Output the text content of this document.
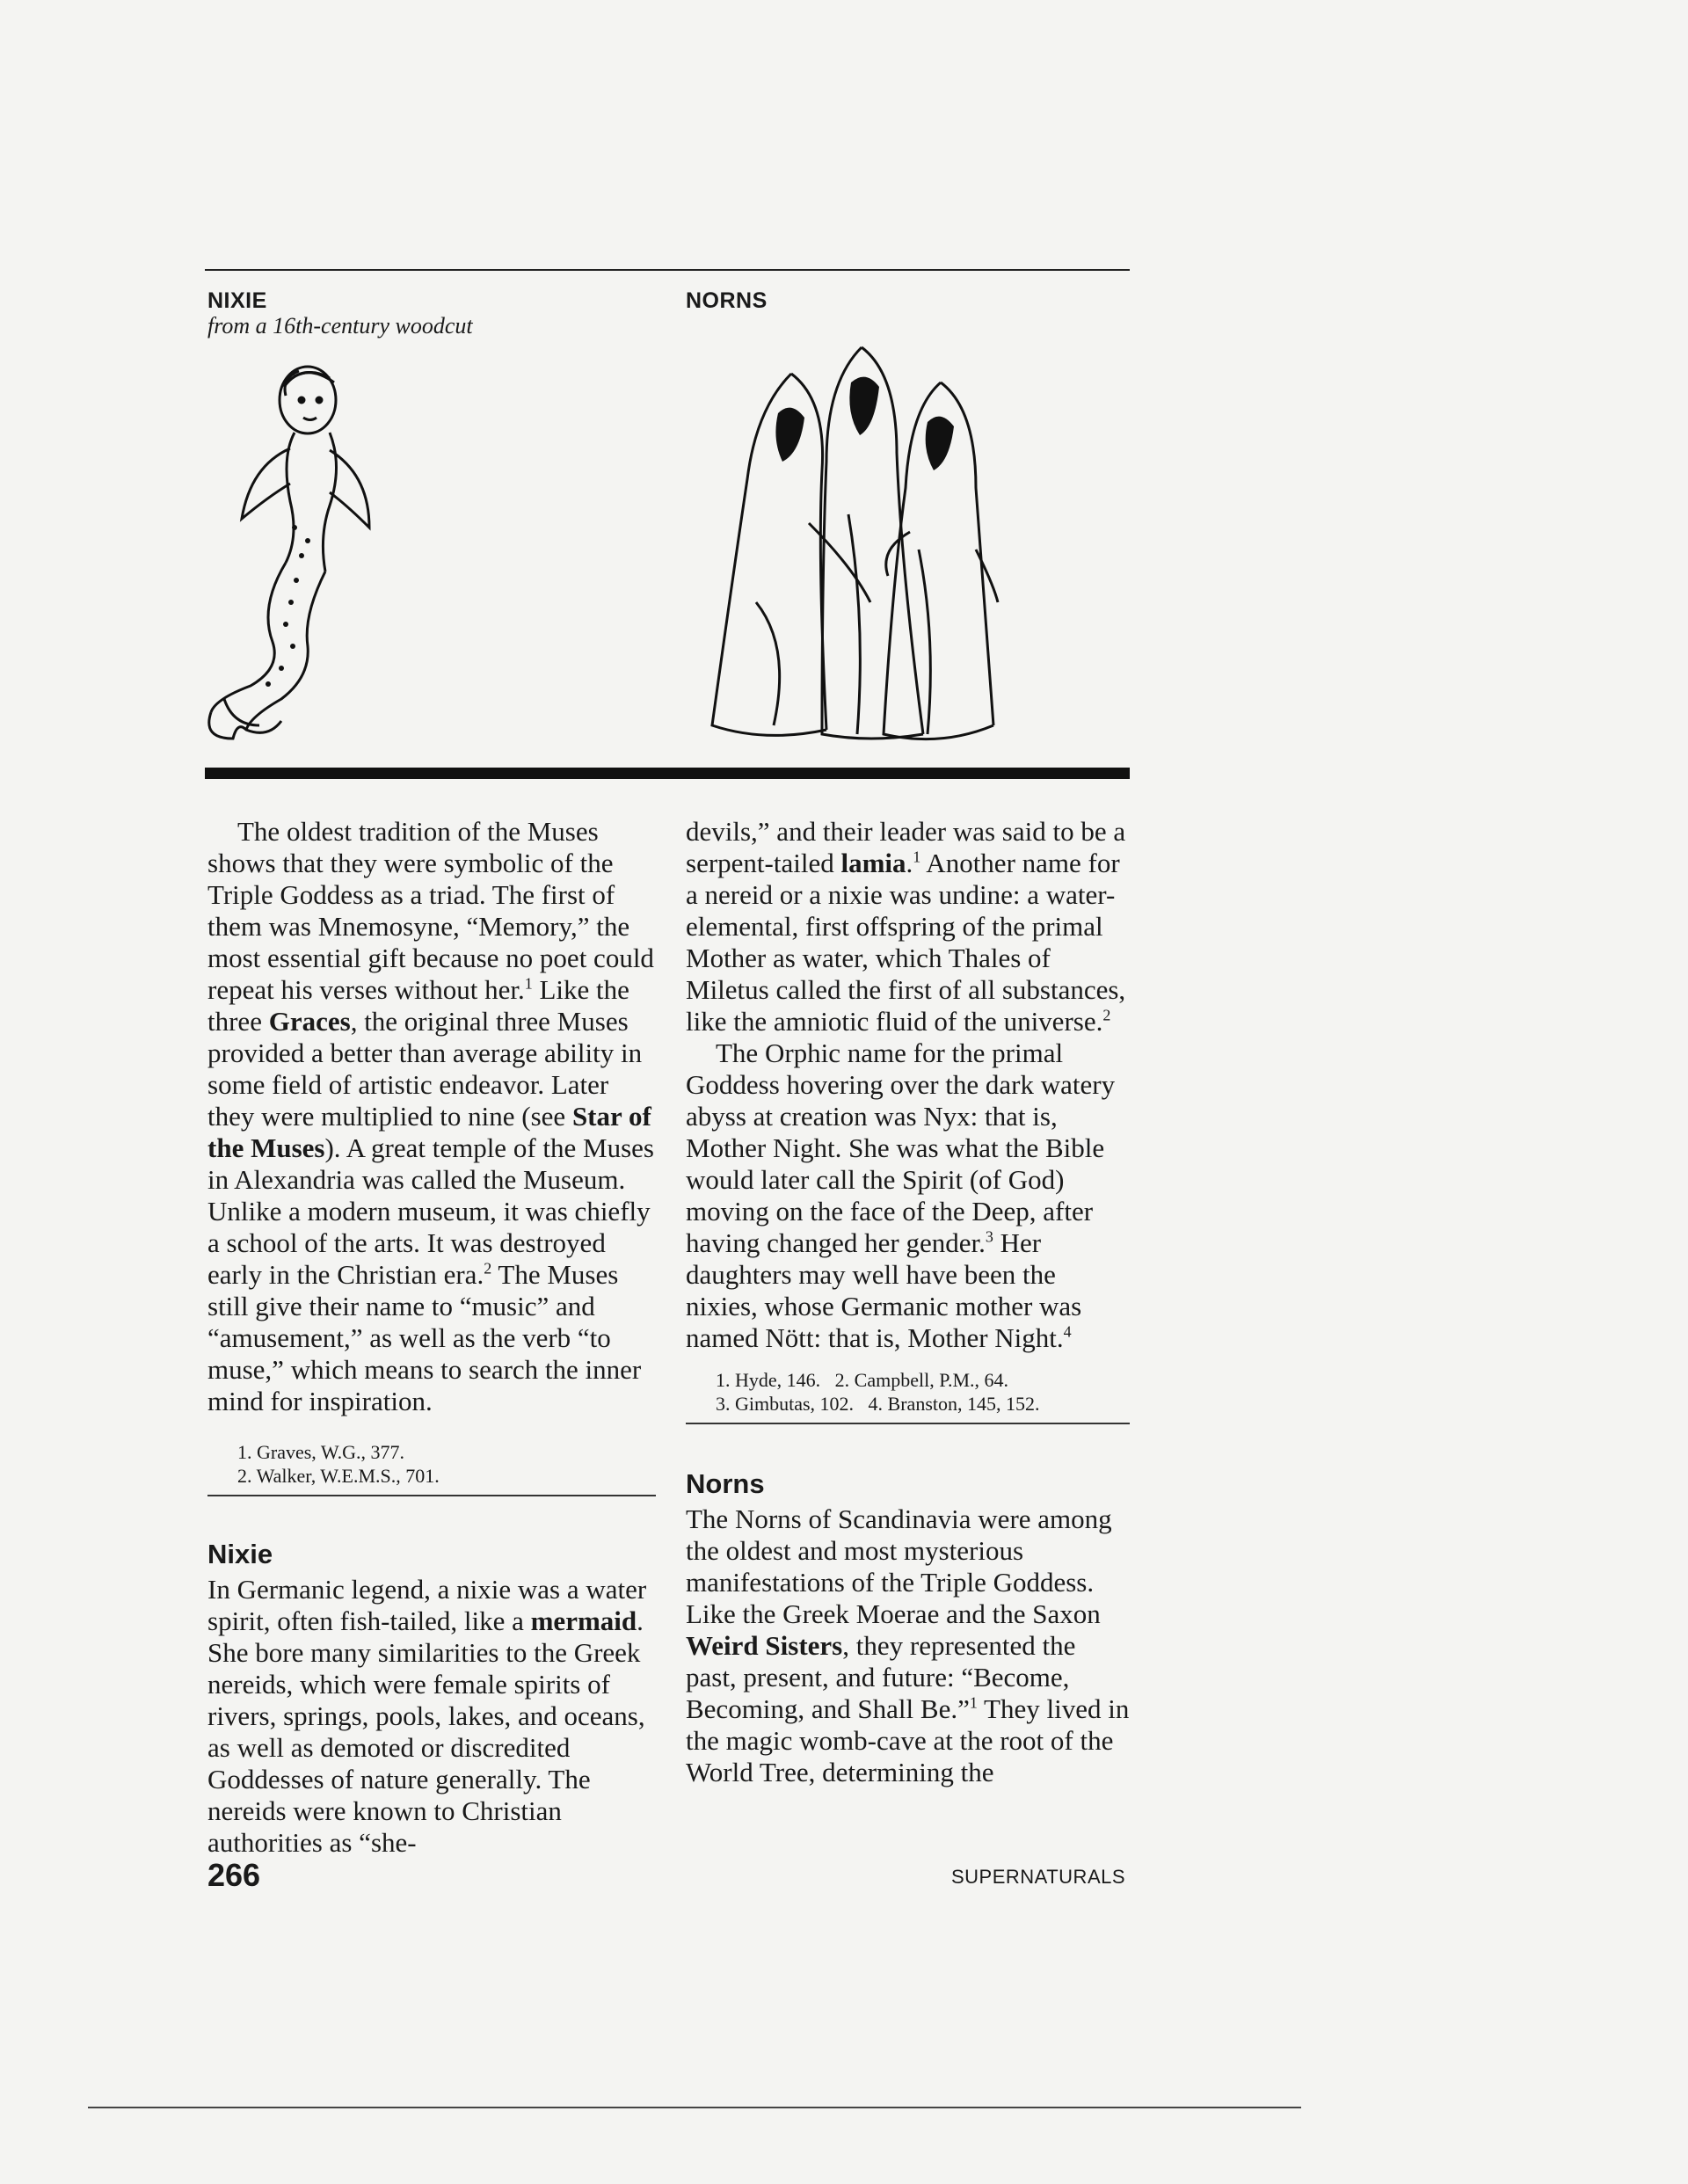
NIXIE
from a 16th-century woodcut
NORNS

The oldest tradition of the Muses shows that they were symbolic of the Triple Goddess as a triad. The first of them was Mnemosyne, “Memory,” the most essential gift because no poet could repeat his verses without her.$^1$ Like the three Graces, the original three Muses provided a better than average ability in some field of artistic endeavor. Later they were multiplied to nine (see Star of the Muses). A great temple of the Muses in Alexandria was called the Museum. Unlike a modern museum, it was chiefly a school of the arts. It was destroyed early in the Christian era.$^2$ The Muses still give their name to “music” and “amusement,” as well as the verb “to muse,” which means to search the inner mind for inspiration.

1. Graves, W.G., 377.

2. Walker, W.E.M.S., 701.

Nixie

In Germanic legend, a nixie was a water spirit, often fish-tailed, like a mermaid. She bore many similarities to the Greek nereids, which were female spirits of rivers, springs, pools, lakes, and oceans, as well as demoted or discredited Goddesses of nature generally. The nereids were known to Christian authorities as “she-

devils,” and their leader was said to be a serpent-tailed lamia.$^1$ Another name for a nereid or a nixie was undine: a water-elemental, first offspring of the primal Mother as water, which Thales of Miletus called the first of all substances, like the amniotic fluid of the universe.$^2$

The Orphic name for the primal Goddess hovering over the dark watery abyss at creation was Nyx: that is, Mother Night. She was what the Bible would later call the Spirit (of God) moving on the face of the Deep, after having changed her gender.$^3$ Her daughters may well have been the nixies, whose Germanic mother was named Nött: that is, Mother Night.$^4$

1. Hyde, 146.   2. Campbell, P.M., 64.

3. Gimbutas, 102.   4. Branston, 145, 152.

Norns

The Norns of Scandinavia were among the oldest and most mysterious manifestations of the Triple Goddess. Like the Greek Moerae and the Saxon Weird Sisters, they represented the past, present, and future: “Become, Becoming, and Shall Be.”$^1$ They lived in the magic womb-cave at the root of the World Tree, determining the

266	SUPERNATURALS
